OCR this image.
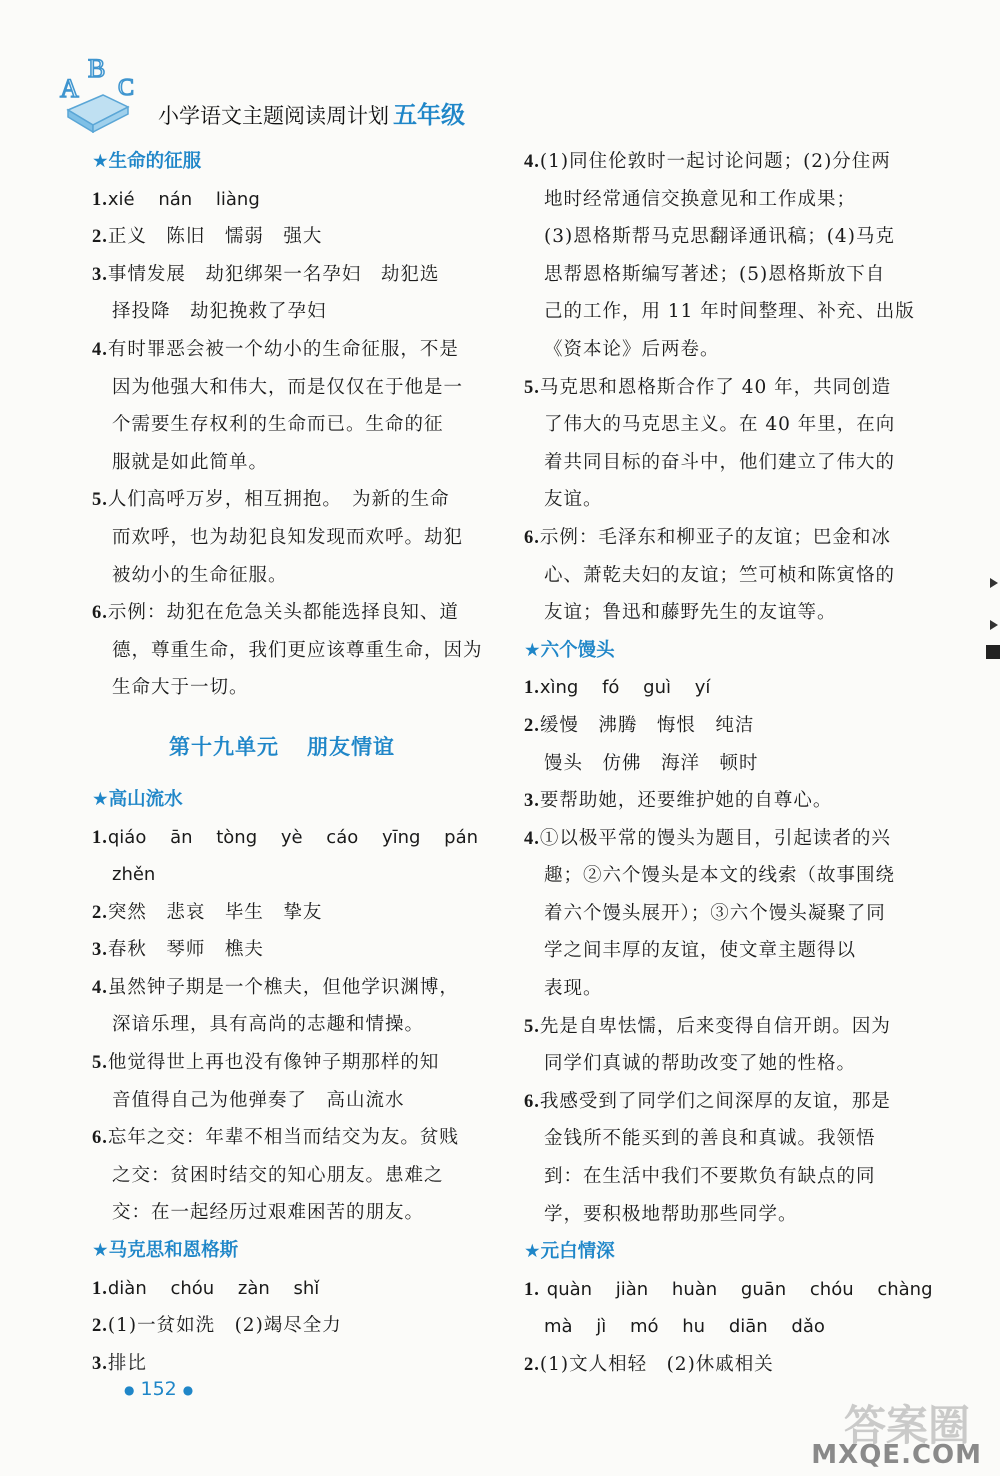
A
B
C
小学语文主题阅读周计划 五年级
★生命的征服
1.xié nán liàng
2.正义　陈旧　懦弱　强大
3.事情发展　劫犯绑架一名孕妇　劫犯选
择投降　劫犯挽救了孕妇
4.有时罪恶会被一个幼小的生命征服，不是
因为他强大和伟大，而是仅仅在于他是一
个需要生存权利的生命而已。生命的征
服就是如此简单。
5.人们高呼万岁，相互拥抱。　为新的生命
而欢呼，也为劫犯良知发现而欢呼。劫犯
被幼小的生命征服。
6.示例：劫犯在危急关头都能选择良知、道
德，尊重生命，我们更应该尊重生命，因为
生命大于一切。
第十九单元 朋友情谊
★高山流水
1.qiáo ān tòng yè cáo yīng pán
zhěn
2.突然　悲哀　毕生　挚友
3.春秋　琴师　樵夫
4.虽然钟子期是一个樵夫，但他学识渊博，
深谙乐理，具有高尚的志趣和情操。
5.他觉得世上再也没有像钟子期那样的知
音值得自己为他弹奏了　高山流水
6.忘年之交：年辈不相当而结交为友。贫贱
之交：贫困时结交的知心朋友。患难之
交：在一起经历过艰难困苦的朋友。
★马克思和恩格斯
1.diàn chóu zàn shǐ
2.(1)一贫如洗　(2)竭尽全力
3.排比
4.(1)同住伦敦时一起讨论问题；(2)分住两
地时经常通信交换意见和工作成果；
(3)恩格斯帮马克思翻译通讯稿；(4)马克
思帮恩格斯编写著述；(5)恩格斯放下自
己的工作，用 11 年时间整理、补充、出版
《资本论》后两卷。
5.马克思和恩格斯合作了 40 年，共同创造
了伟大的马克思主义。在 40 年里，在向
着共同目标的奋斗中，他们建立了伟大的
友谊。
6.示例：毛泽东和柳亚子的友谊；巴金和冰
心、萧乾夫妇的友谊；竺可桢和陈寅恪的
友谊；鲁迅和藤野先生的友谊等。
★六个馒头
1.xìng fó guì yí
2.缓慢　沸腾　悔恨　纯洁
馒头　仿佛　海洋　顿时
3.要帮助她，还要维护她的自尊心。
4.①以极平常的馒头为题目，引起读者的兴
趣；②六个馒头是本文的线索（故事围绕
着六个馒头展开）；③六个馒头凝聚了同
学之间丰厚的友谊，使文章主题得以
表现。
5.先是自卑怯懦，后来变得自信开朗。因为
同学们真诚的帮助改变了她的性格。
6.我感受到了同学们之间深厚的友谊，那是
金钱所不能买到的善良和真诚。我领悟
到：在生活中我们不要欺负有缺点的同
学，要积极地帮助那些同学。
★元白情深
1. quàn jiàn huàn guān chóu chàng
mà jì mó hu diān dǎo
2.(1)文人相轻　(2)休戚相关
● 152 ●
答案圈
MXQE.COM
